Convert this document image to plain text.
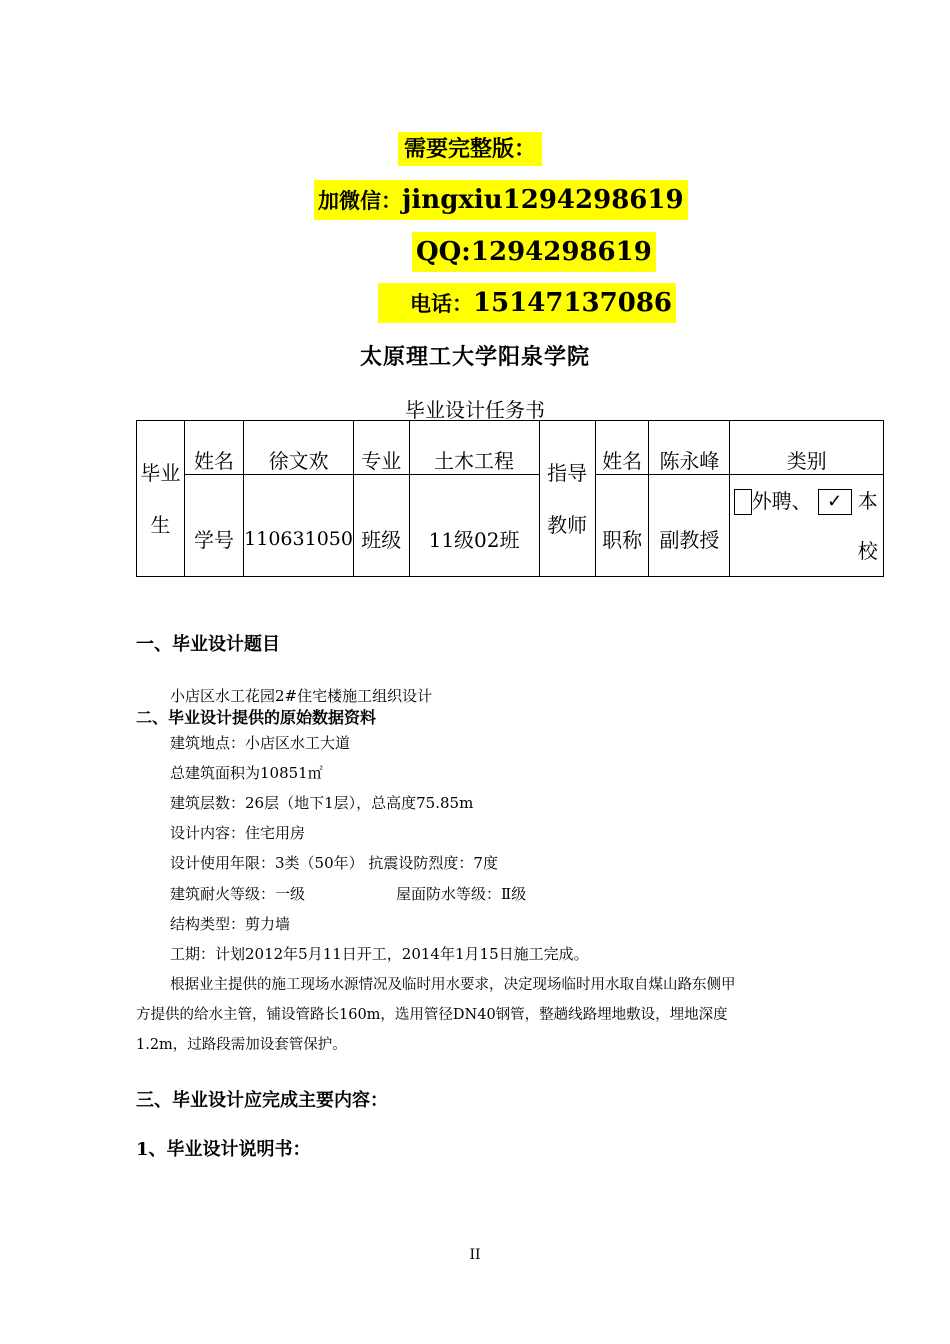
需要完整版：
加微信：jingxiu1294298619
QQ:1294298619
电话：15147137086
太原理工大学阳泉学院
毕业设计任务书
毕业生	姓名	徐文欢	专业	土木工程	指导教师	姓名	陈永峰	类别
	学号	110631050	班级	11级02班		职称	副教授	外聘、 ✓ 本校
一、毕业设计题目
小店区水工花园2#住宅楼施工组织设计
二、毕业设计提供的原始数据资料
建筑地点：小店区水工大道
总建筑面积为10851㎡
建筑层数：26层（地下1层），总高度75.85m
设计内容：住宅用房
设计使用年限：3类（50年） 抗震设防烈度：7度
建筑耐火等级：一级	屋面防水等级：Ⅱ级
结构类型：剪力墙
工期：计划2012年5月11日开工，2014年1月15日施工完成。
根据业主提供的施工现场水源情况及临时用水要求，决定现场临时用水取自煤山路东侧甲
方提供的给水主管，铺设管路长160m，选用管径DN40钢管，整趟线路埋地敷设，埋地深度
1.2m，过路段需加设套管保护。
三、毕业设计应完成主要内容：
1、毕业设计说明书：
II
